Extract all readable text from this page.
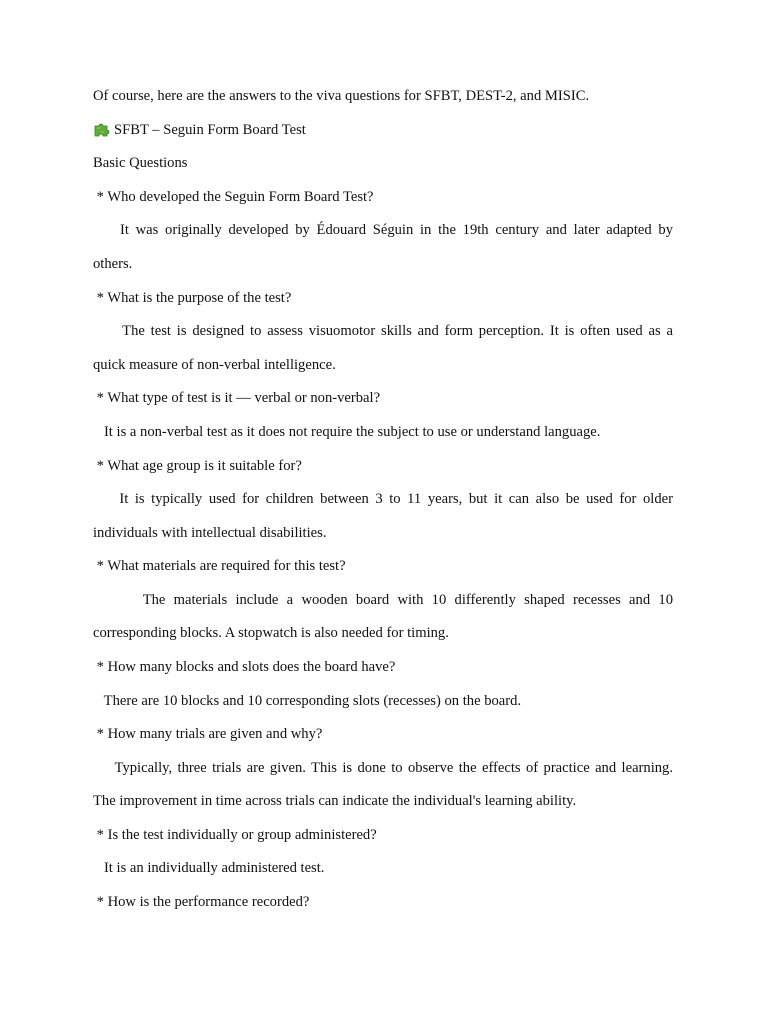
Of course, here are the answers to the viva questions for SFBT, DEST-2, and MISIC.
SFBT – Seguin Form Board Test
Basic Questions
* Who developed the Seguin Form Board Test?
It was originally developed by Édouard Séguin in the 19th century and later adapted by
others.
* What is the purpose of the test?
The test is designed to assess visuomotor skills and form perception. It is often used as a
quick measure of non-verbal intelligence.
* What type of test is it — verbal or non-verbal?
It is a non-verbal test as it does not require the subject to use or understand language.
* What age group is it suitable for?
It is typically used for children between 3 to 11 years, but it can also be used for older
individuals with intellectual disabilities.
* What materials are required for this test?
The materials include a wooden board with 10 differently shaped recesses and 10
corresponding blocks. A stopwatch is also needed for timing.
* How many blocks and slots does the board have?
There are 10 blocks and 10 corresponding slots (recesses) on the board.
* How many trials are given and why?
Typically, three trials are given. This is done to observe the effects of practice and learning.
The improvement in time across trials can indicate the individual's learning ability.
* Is the test individually or group administered?
It is an individually administered test.
* How is the performance recorded?
